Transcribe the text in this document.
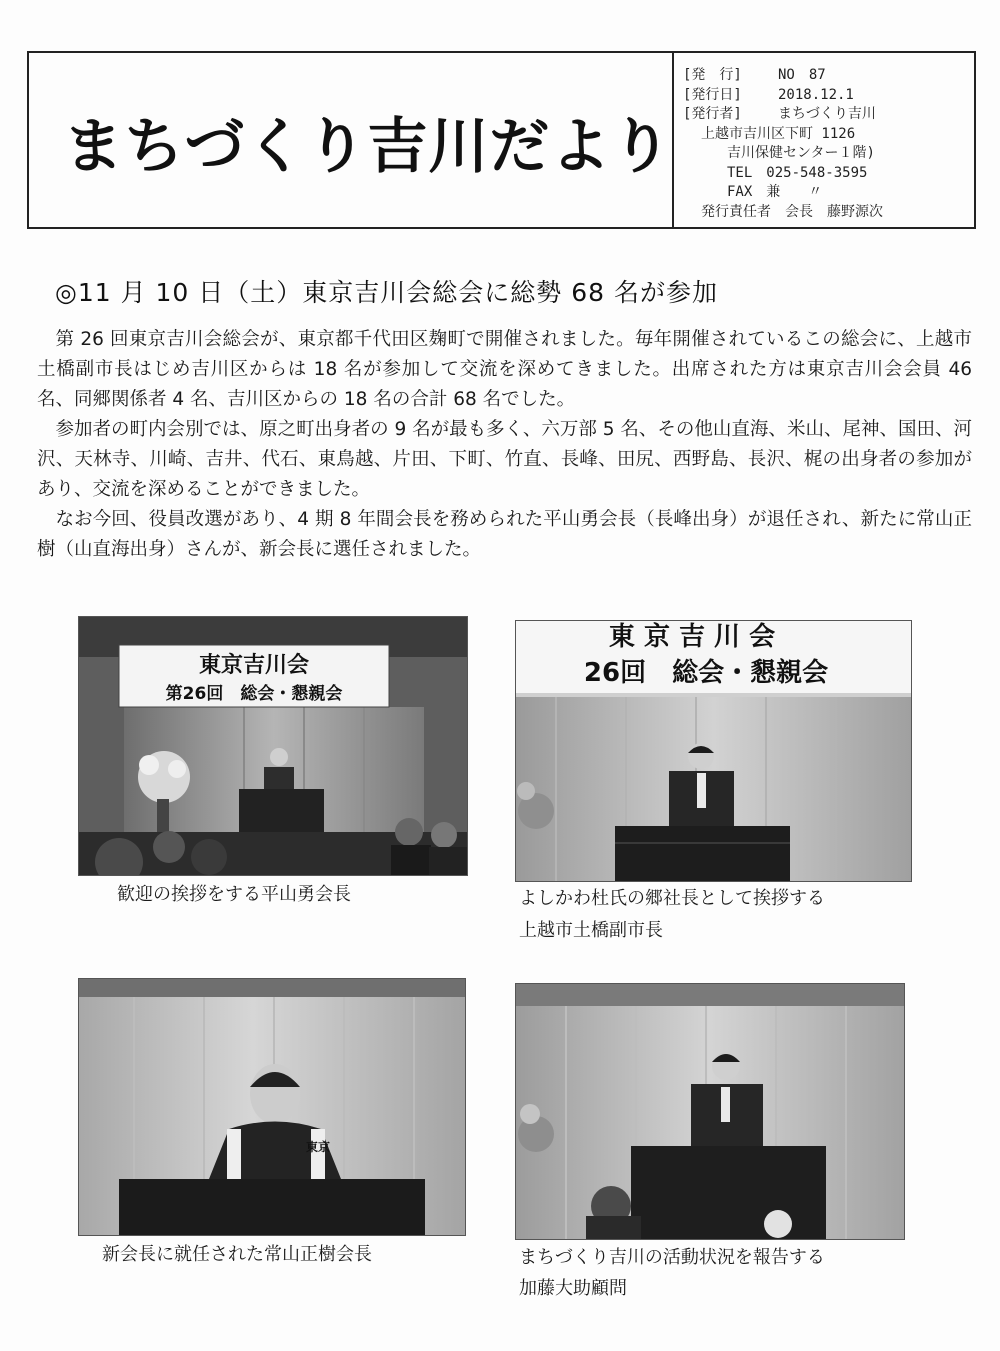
まちづくり吉川だより
[発　行]	NO　87
[発行日]	2018.12.1
[発行者]	まちづくり吉川
上越市吉川区下町 1126
吉川保健センター１階)
TEL　025-548-3595
FAX　兼　　〃
発行責任者　会長　藤野源次
◎11 月 10 日（土）東京吉川会総会に総勢 68 名が参加

第 26 回東京吉川会総会が、東京都千代田区麹町で開催されました。毎年開催されているこの総会に、上越市土橋副市長はじめ吉川区からは 18 名が参加して交流を深めてきました。出席された方は東京吉川会会員 46 名、同郷関係者 4 名、吉川区からの 18 名の合計 68 名でした。

参加者の町内会別では、原之町出身者の 9 名が最も多く、六万部 5 名、その他山直海、米山、尾神、国田、河沢、天林寺、川崎、吉井、代石、東鳥越、片田、下町、竹直、長峰、田尻、西野島、長沢、梶の出身者の参加があり、交流を深めることができました。

なお今回、役員改選があり、4 期 8 年間会長を務められた平山勇会長（長峰出身）が退任され、新たに常山正樹（山直海出身）さんが、新会長に選任されました。

東京吉川会
第26回　総会・懇親会
歓迎の挨拶をする平山勇会長
東 京 吉 川 会
26回　総会・懇親会
よしかわ杜氏の郷社長として挨拶する
上越市土橋副市長
東京
新会長に就任された常山正樹会長	まちづくり吉川の活動状況を報告する
加藤大助顧問
